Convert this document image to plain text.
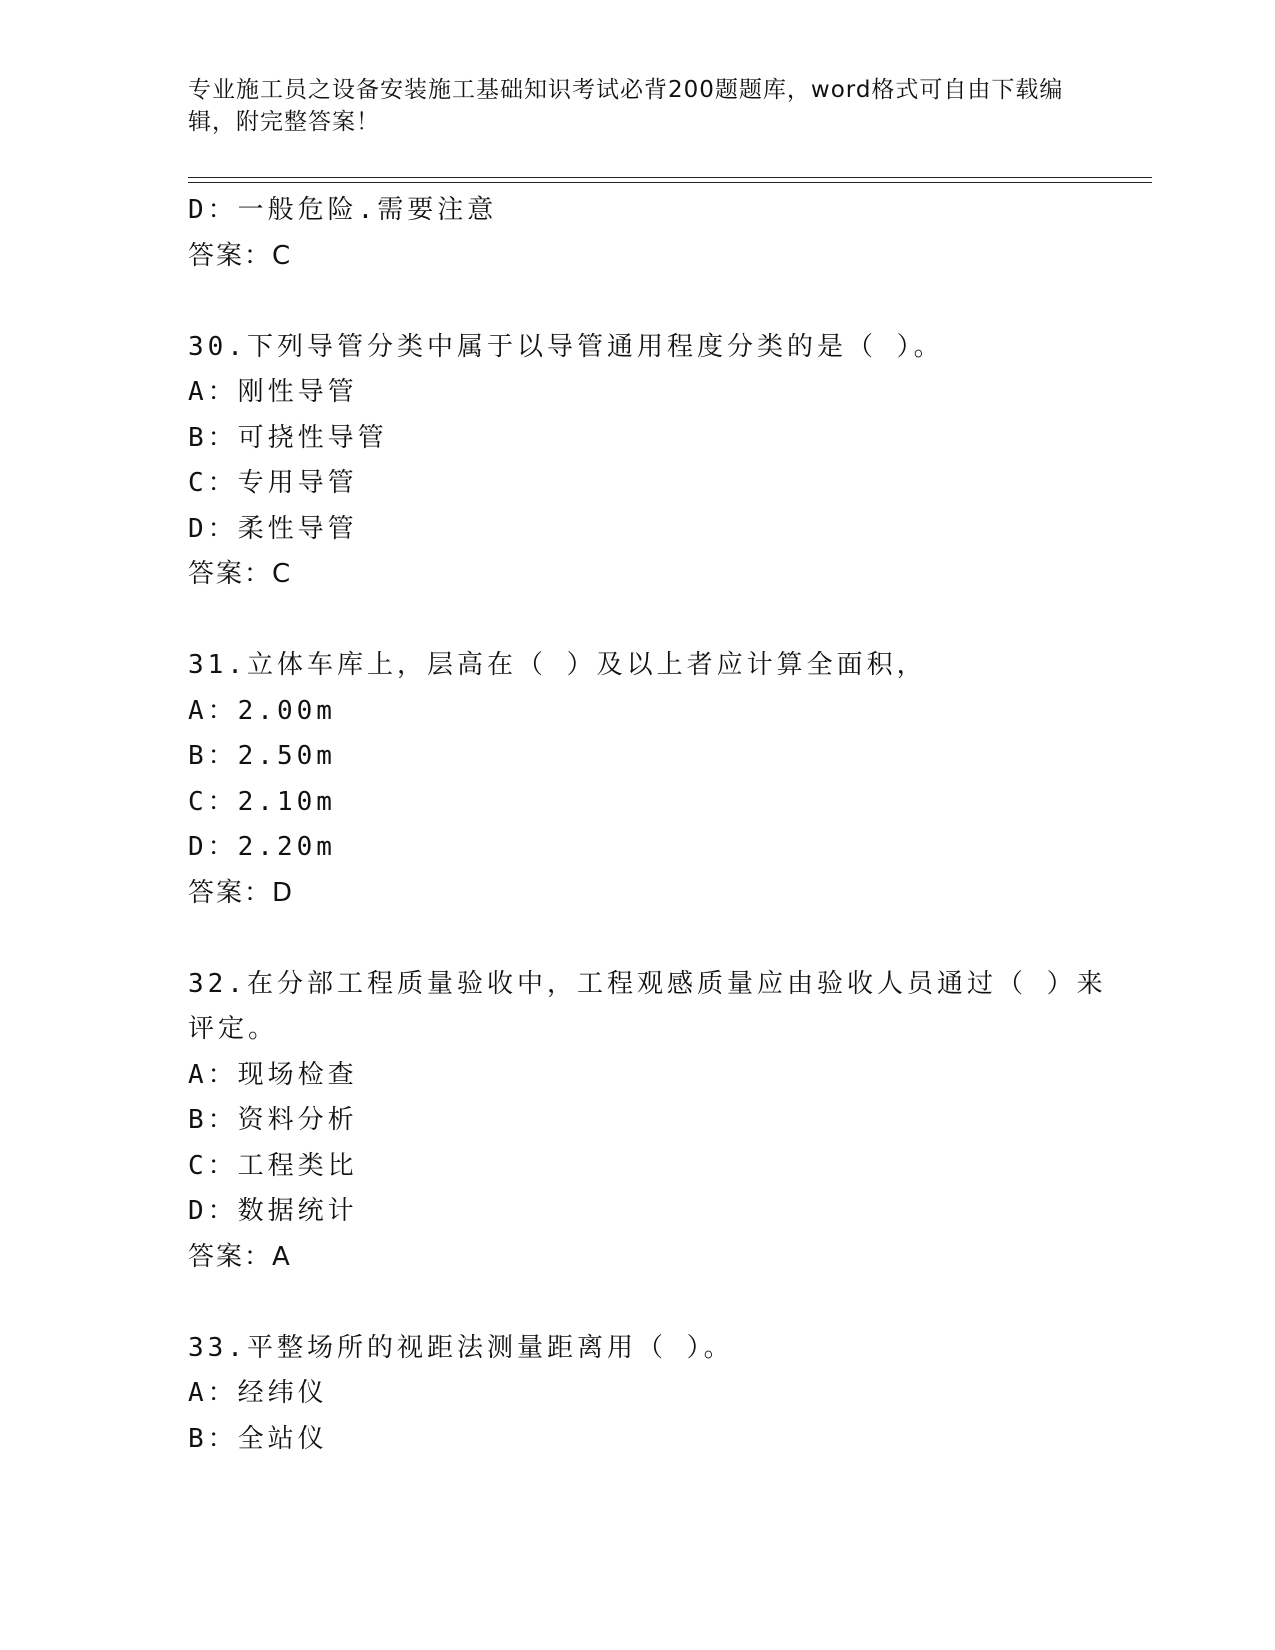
专业施工员之设备安装施工基础知识考试必背200题题库，word格式可自由下载编辑，附完整答案！
D：一般危险.需要注意
答案：C
30.下列导管分类中属于以导管通用程度分类的是（ ）。
A：刚性导管
B：可挠性导管
C：专用导管
D：柔性导管
答案：C
31.立体车库上，层高在（ ）及以上者应计算全面积，
A：2.00m
B：2.50m
C：2.10m
D：2.20m
答案：D
32.在分部工程质量验收中，工程观感质量应由验收人员通过（ ）来评定。
A：现场检查
B：资料分析
C：工程类比
D：数据统计
答案：A
33.平整场所的视距法测量距离用（ ）。
A：经纬仪
B：全站仪
